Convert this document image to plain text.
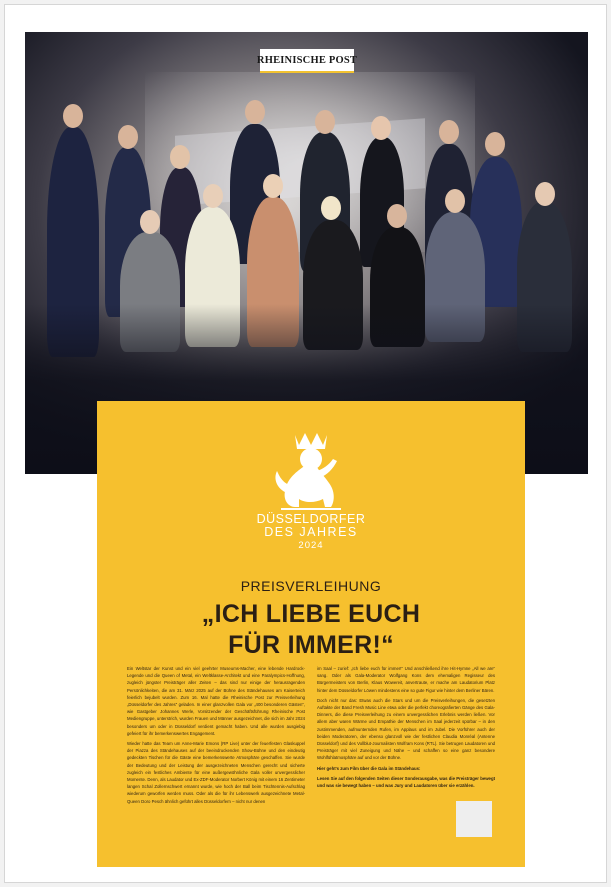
RHEINISCHE POST
DÜSSELDORFER
DES JAHRES
2024
PREISVERLEIHUNG
„ICH LIEBE EUCH
FÜR IMMER!“

Ein Weltstar der Kunst und ein viel geehrter Museums-Macher, eine lebende Hardrock-Legende und die Queen of Metal, ein Weltklasse-Architekt und eine Paralympics-Hoffnung, zugleich jüngster Preisträger aller Zeiten – das sind nur einige der herausragenden Persönlichkeiten, die am 31. März 2025 auf der Bühne des Ständehauses am Kaiserteich feierlich bejubelt wurden. Zum 16. Mal hatte die Rheinische Post zur Preisverleihung „Düsseldorfer des Jahres“ geladen. In einer glanzvollen Gala vor „400 besonderen Gästen“, wie Gastgeber Johannes Werle, Vorsitzender der Geschäftsführung Rheinische Post Mediengruppe, unterstrich, wurden Frauen und Männer ausgezeichnet, die sich im Jahr 2024 besonders um oder in Düsseldorf verdient gemacht haben. Und alle wurden ausgiebig gefeiert für ihr bemerkenswertes Engagement.

Wieder hatte das Team um Anne-Marie Emons (RP Live) unter der feuerfesten Glaskuppel der Piazza des Ständehauses auf der beeindruckenden Show-Bühne und den eindeutig gedeckten Tischen für die Gäste eine bemerkenswerte Atmosphäre geschaffen. Sie wurde der Bedeutung und der Leistung der ausgezeichneten Menschen gerecht und sicherte zugleich ein festliches Ambiente für eine außergewöhnliche Gala voller unvergesslicher Momente. Denn, als Laudator und Ex-ZDF-Moderator Norbert König mit einem 16 Zentimeter langen Schal Zollernschwert ernannt wurde, wie hoch der Ball beim Tischtennis-Aufschlag wiederum geworfen werden muss. Oder als die für ihr Lebenswerk ausgezeichnete Metal-Queen Doro Pesch ähnlich geführt alles Düsseldorfern – nicht nur denen

im Saal – zurief: „Ich liebe euch für immer!“ Und anschließend ihre Hit-Hymne „All we are“ sang. Oder als Gala-Moderator Wolfgang Kons dem ehemaligen Regisseur des Bürgermeisters von Berlin, Klaus Wowereit, anvertraute, er mache am Laudatorium Platz hinter dem Düsseldorfer Löwen mindestens eine so gute Figur wie hinter dem Berliner Bären.

Doch nicht nur das: Etwas auch die Stars und um die Preisverleihungen, die gesetzten Auftakte der Band Fresh Music Line etwa oder die perfekt choreografierten Gänge des Gala-Dinners, die diese Preisverleihung zu einem unvergesslichen Erlebnis werden ließen. Vor allem aber waren Wärme und Empathie der Menschen im Saal jederzeit spürbar – in den zustimmenden, aufmunternden Rufen, im Applaus und im Jubel. Die Vorführer auch der beiden Moderatoren, der ebenso glanzvoll wie der festlichen Claudia Monréal (Antenne Düsseldorf) und des Vollblut-Journalisten Wolfram Kons (RTL). Sie betrugen Laudatoren und Preisträger mit viel Zuneigung und Nähe – und schaffen so eine ganz besondere Wohlfühlatmosphäre auf und vor der Bühne.

Hier geht's zum Film über die Gala im Ständehaus:

Lesen Sie auf den folgenden Seiten dieser Sonderausgabe, was die Preisträger bewegt und was sie bewegt haben – und was Jury und Laudatoren über sie erzählen.
